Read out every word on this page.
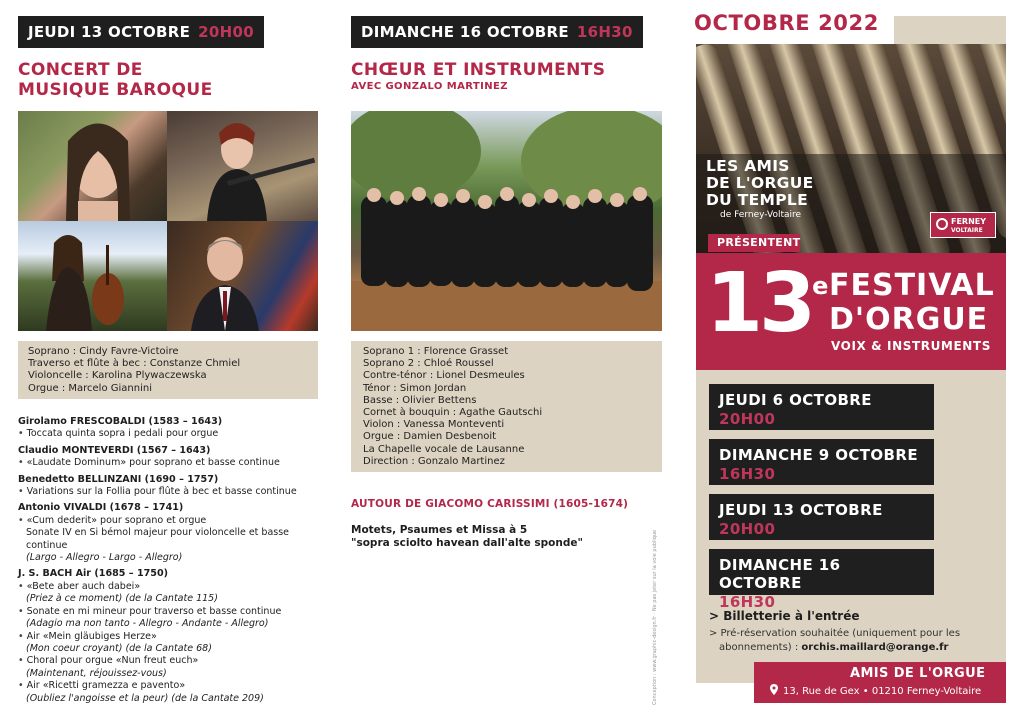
JEUDI 13 OCTOBRE 20H00
CONCERT DE
MUSIQUE BAROQUE
Soprano : Cindy Favre-Victoire
Traverso et flûte à bec : Constanze Chmiel
Violoncelle : Karolina Plywaczewska
Orgue : Marcelo Giannini
Girolamo FRESCOBALDI (1583 – 1643)
• Toccata quinta sopra i pedali pour orgue
Claudio MONTEVERDI (1567 – 1643)
• «Laudate Dominum» pour soprano et basse continue
Benedetto BELLINZANI (1690 – 1757)
• Variations sur la Follia pour flûte à bec et basse continue
Antonio VIVALDI (1678 – 1741)
• «Cum dederit» pour soprano et orgue
Sonate IV en Si bémol majeur pour violoncelle et basse continue
(Largo - Allegro - Largo - Allegro)
J. S. BACH Air (1685 – 1750)
• «Bete aber auch dabei»
(Priez à ce moment) (de la Cantate 115)
• Sonate en mi mineur pour traverso et basse continue
(Adagio ma non tanto - Allegro - Andante - Allegro)
• Air «Mein gläubiges Herze»
(Mon coeur croyant) (de la Cantate 68)
• Choral pour orgue «Nun freut euch»
(Maintenant, réjouissez-vous)
• Air «Ricetti gramezza e pavento»
(Oubliez l'angoisse et la peur) (de la Cantate 209)
DIMANCHE 16 OCTOBRE 16H30
CHŒUR ET INSTRUMENTS
AVEC GONZALO MARTINEZ
Soprano 1 : Florence Grasset
Soprano 2 : Chloé Roussel
Contre-ténor : Lionel Desmeules
Ténor : Simon Jordan
Basse : Olivier Bettens
Cornet à bouquin : Agathe Gautschi
Violon : Vanessa Monteventi
Orgue : Damien Desbenoit
La Chapelle vocale de Lausanne
Direction : Gonzalo Martinez
AUTOUR DE GIACOMO CARISSIMI (1605-1674)
Motets, Psaumes et Missa à 5
"sopra sciolto havean dall'alte sponde"	Conception : www.graphic-design.fr · Ne pas jeter sur la voie publique
OCTOBRE 2022
LES AMIS
DE L'ORGUE
DU TEMPLE
de Ferney-Voltaire
FERNEY
VOLTAIRE
PRÉSENTENT
13e FESTIVAL
D'ORGUE
VOIX & INSTRUMENTS
JEUDI 6 OCTOBRE
20H00
DIMANCHE 9 OCTOBRE
16H30
JEUDI 13 OCTOBRE
20H00
DIMANCHE 16 OCTOBRE
16H30
> Billetterie à l'entrée
> Pré-réservation souhaitée (uniquement pour les
abonnements) : orchis.maillard@orange.fr
AMIS DE L'ORGUE
13, Rue de Gex • 01210 Ferney-Voltaire
